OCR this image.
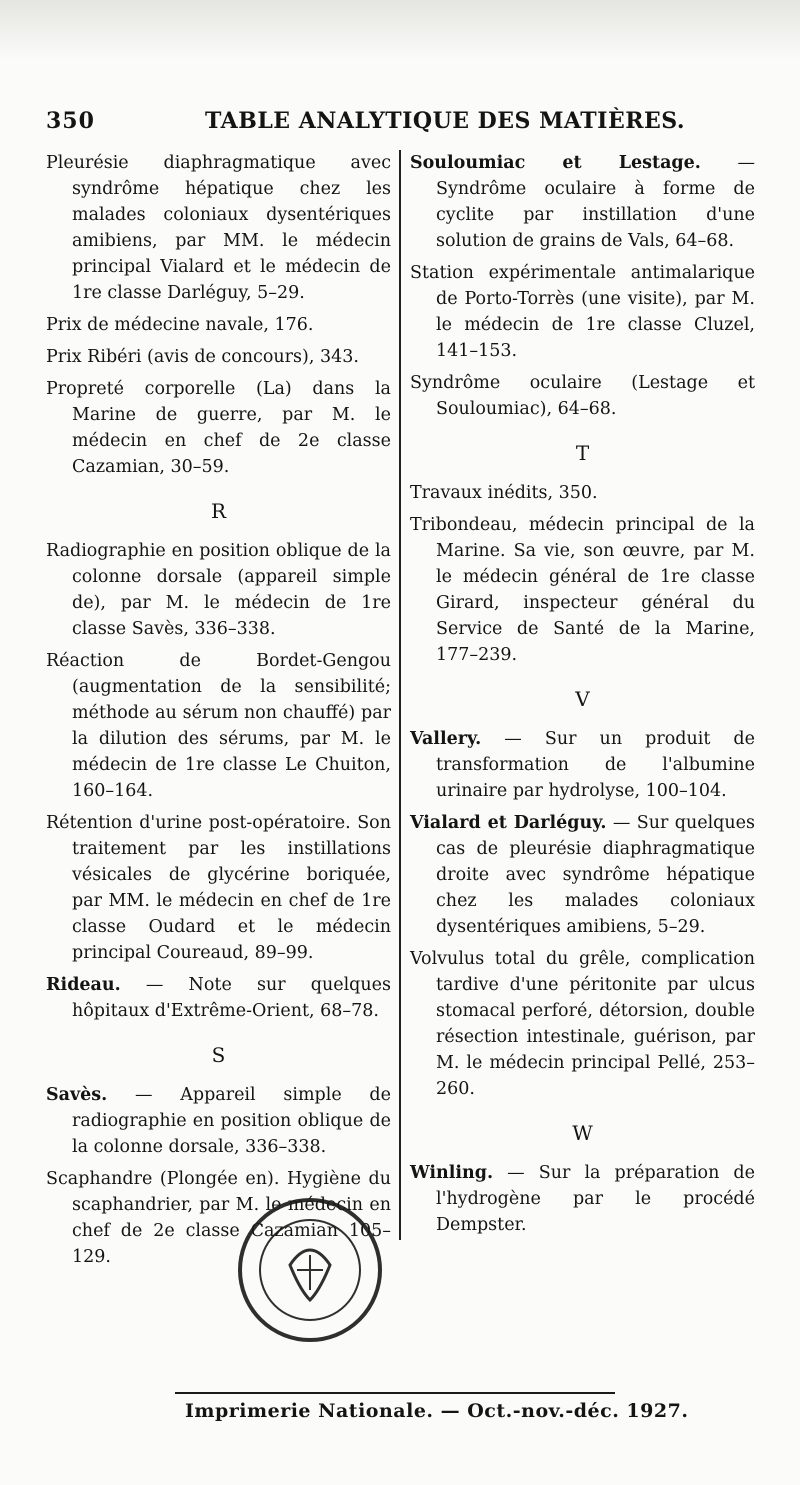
350	TABLE ANALYTIQUE DES MATIÈRES.

Pleurésie diaphragmatique avec syndrôme hépatique chez les malades coloniaux dysentériques amibiens, par MM. le médecin principal Vialard et le médecin de 1re classe Darléguy, 5–29.

Prix de médecine navale, 176.

Prix Ribéri (avis de concours), 343.

Propreté corporelle (La) dans la Marine de guerre, par M. le médecin en chef de 2e classe Cazamian, 30–59.

R

Radiographie en position oblique de la colonne dorsale (appareil simple de), par M. le médecin de 1re classe Savès, 336–338.

Réaction de Bordet-Gengou (augmentation de la sensibilité; méthode au sérum non chauffé) par la dilution des sérums, par M. le médecin de 1re classe Le Chuiton, 160–164.

Rétention d'urine post-opératoire. Son traitement par les instillations vésicales de glycérine boriquée, par MM. le médecin en chef de 1re classe Oudard et le médecin principal Coureaud, 89–99.

Rideau. — Note sur quelques hôpitaux d'Extrême-Orient, 68–78.

S

Savès. — Appareil simple de radiographie en position oblique de la colonne dorsale, 336–338.

Scaphandre (Plongée en). Hygiène du scaphandrier, par M. le médecin en chef de 2e classe Cazamian 105–129.

Souloumiac et Lestage. — Syndrôme oculaire à forme de cyclite par instillation d'une solution de grains de Vals, 64–68.

Station expérimentale antimalarique de Porto-Torrès (une visite), par M. le médecin de 1re classe Cluzel, 141–153.

Syndrôme oculaire (Lestage et Souloumiac), 64–68.

T

Travaux inédits, 350.

Tribondeau, médecin principal de la Marine. Sa vie, son œuvre, par M. le médecin général de 1re classe Girard, inspecteur général du Service de Santé de la Marine, 177–239.

V

Vallery. — Sur un produit de transformation de l'albumine urinaire par hydrolyse, 100–104.

Vialard et Darléguy. — Sur quelques cas de pleurésie diaphragmatique droite avec syndrôme hépatique chez les malades coloniaux dysentériques amibiens, 5–29.

Volvulus total du grêle, complication tardive d'une péritonite par ulcus stomacal perforé, détorsion, double résection intestinale, guérison, par M. le médecin principal Pellé, 253–260.

W

Winling. — Sur la préparation de l'hydrogène par le procédé Dempster.

Imprimerie Nationale. — Oct.-nov.-déc. 1927.
